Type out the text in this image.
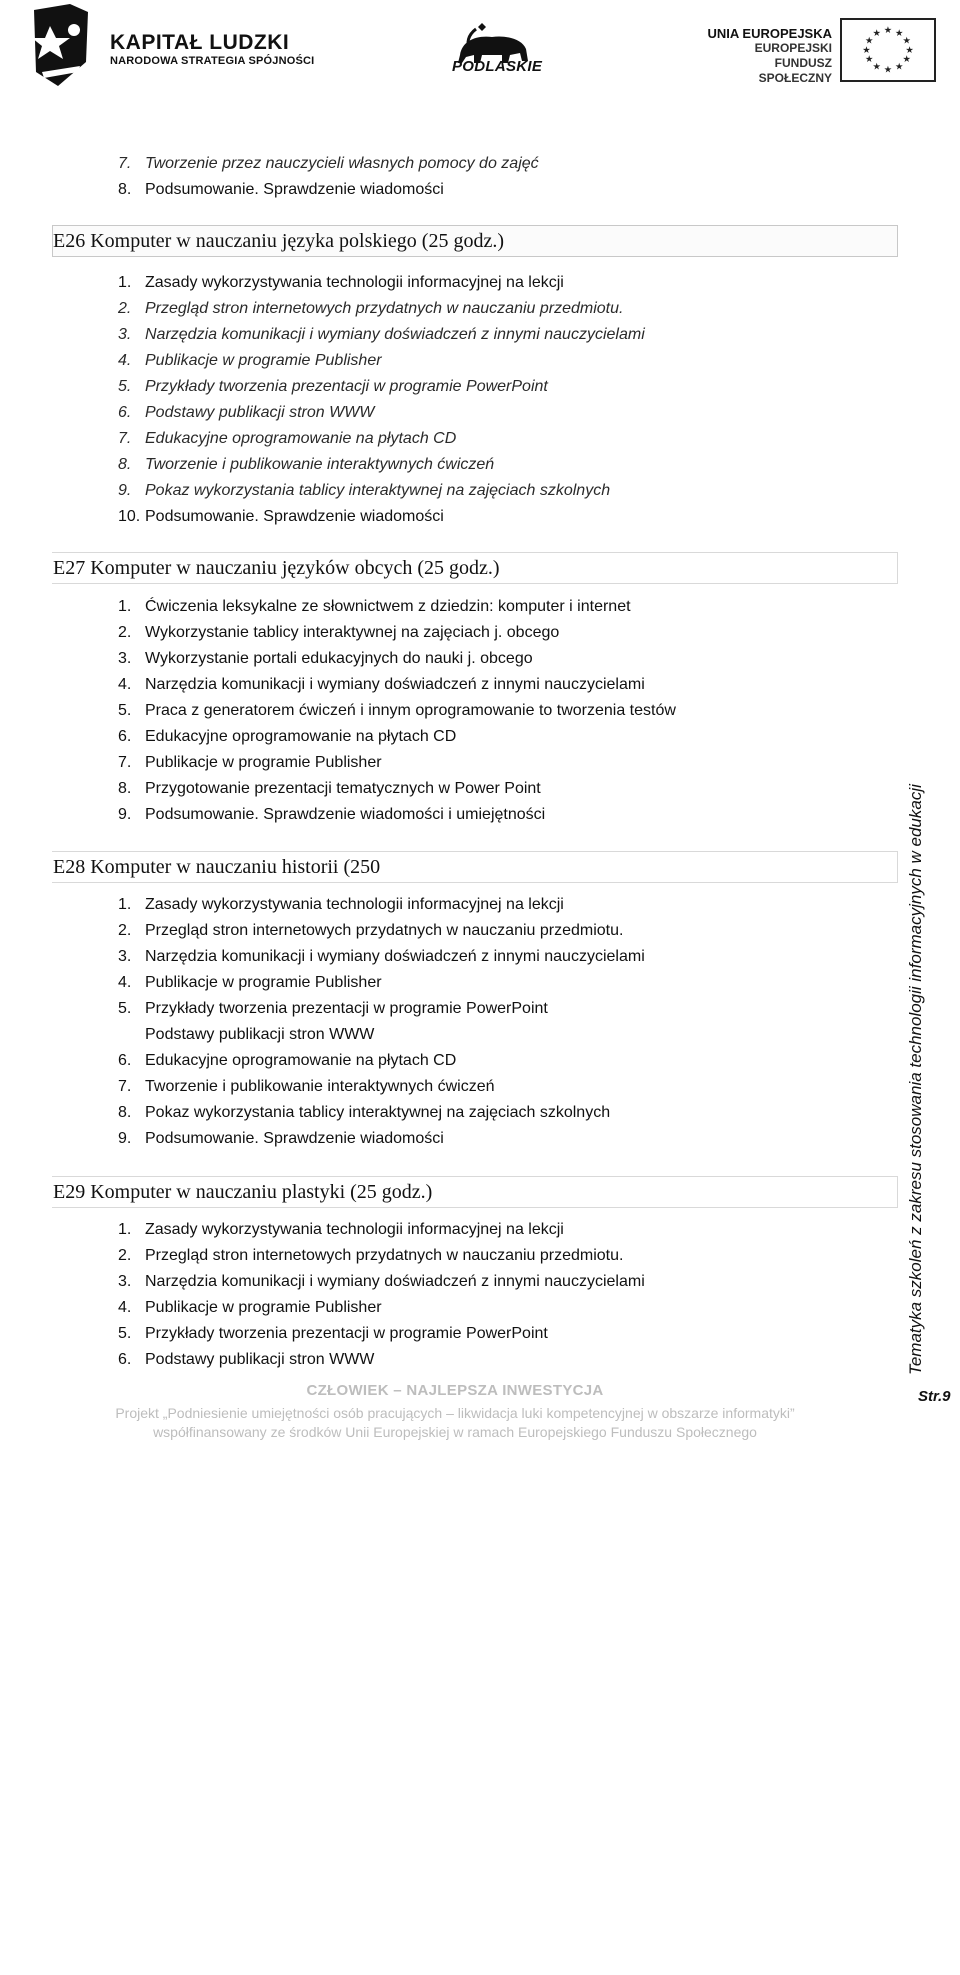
KAPITAŁ LUDZKI
NARODOWA STRATEGIA SPÓJNOŚCI	PODLASKIE
UNIA EUROPEJSKA
EUROPEJSKI
FUNDUSZ SPOŁECZNY
★ ★
★
★
★
★
★
★
★
★
★
★
7. Tworzenie przez nauczycieli własnych pomocy do zajęć
8. Podsumowanie. Sprawdzenie wiadomości
E26 Komputer w nauczaniu języka polskiego (25 godz.)
1. Zasady wykorzystywania technologii informacyjnej na lekcji
2. Przegląd stron internetowych przydatnych w nauczaniu przedmiotu.
3. Narzędzia komunikacji i wymiany doświadczeń z innymi nauczycielami
4. Publikacje w programie Publisher
5. Przykłady tworzenia prezentacji w programie PowerPoint
6. Podstawy publikacji stron WWW
7. Edukacyjne oprogramowanie na płytach CD
8. Tworzenie i publikowanie interaktywnych ćwiczeń
9. Pokaz wykorzystania tablicy interaktywnej na zajęciach szkolnych
10. Podsumowanie. Sprawdzenie wiadomości
E27 Komputer w nauczaniu języków obcych (25 godz.)
1. Ćwiczenia leksykalne ze słownictwem z dziedzin: komputer i internet
2. Wykorzystanie tablicy interaktywnej na zajęciach j. obcego
3. Wykorzystanie portali edukacyjnych do nauki j. obcego
4. Narzędzia komunikacji i wymiany doświadczeń z innymi nauczycielami
5. Praca z generatorem ćwiczeń i innym oprogramowanie to tworzenia testów
6. Edukacyjne oprogramowanie na płytach CD
7. Publikacje w programie Publisher
8. Przygotowanie prezentacji tematycznych w Power Point
9. Podsumowanie. Sprawdzenie wiadomości i umiejętności
E28 Komputer w nauczaniu historii (250
1. Zasady wykorzystywania technologii informacyjnej na lekcji
2. Przegląd stron internetowych przydatnych w nauczaniu przedmiotu.
3. Narzędzia komunikacji i wymiany doświadczeń z innymi nauczycielami
4. Publikacje w programie Publisher
5. Przykłady tworzenia prezentacji w programie PowerPoint
Podstawy publikacji stron WWW
6. Edukacyjne oprogramowanie na płytach CD
7. Tworzenie i publikowanie interaktywnych ćwiczeń
8. Pokaz wykorzystania tablicy interaktywnej na zajęciach szkolnych
9. Podsumowanie. Sprawdzenie wiadomości
E29 Komputer w nauczaniu plastyki (25 godz.)
1. Zasady wykorzystywania technologii informacyjnej na lekcji
2. Przegląd stron internetowych przydatnych w nauczaniu przedmiotu.
3. Narzędzia komunikacji i wymiany doświadczeń z innymi nauczycielami
4. Publikacje w programie Publisher
5. Przykłady tworzenia prezentacji w programie PowerPoint
6. Podstawy publikacji stron WWW	Tematyka szkoleń z zakresu stosowania technologii informacyjnych w edukacji
Str.9
CZŁOWIEK – NAJLEPSZA INWESTYCJA
Projekt „Podniesienie umiejętności osób pracujących – likwidacja luki kompetencyjnej w obszarze informatyki”
współfinansowany ze środków Unii Europejskiej w ramach Europejskiego Funduszu Społecznego
